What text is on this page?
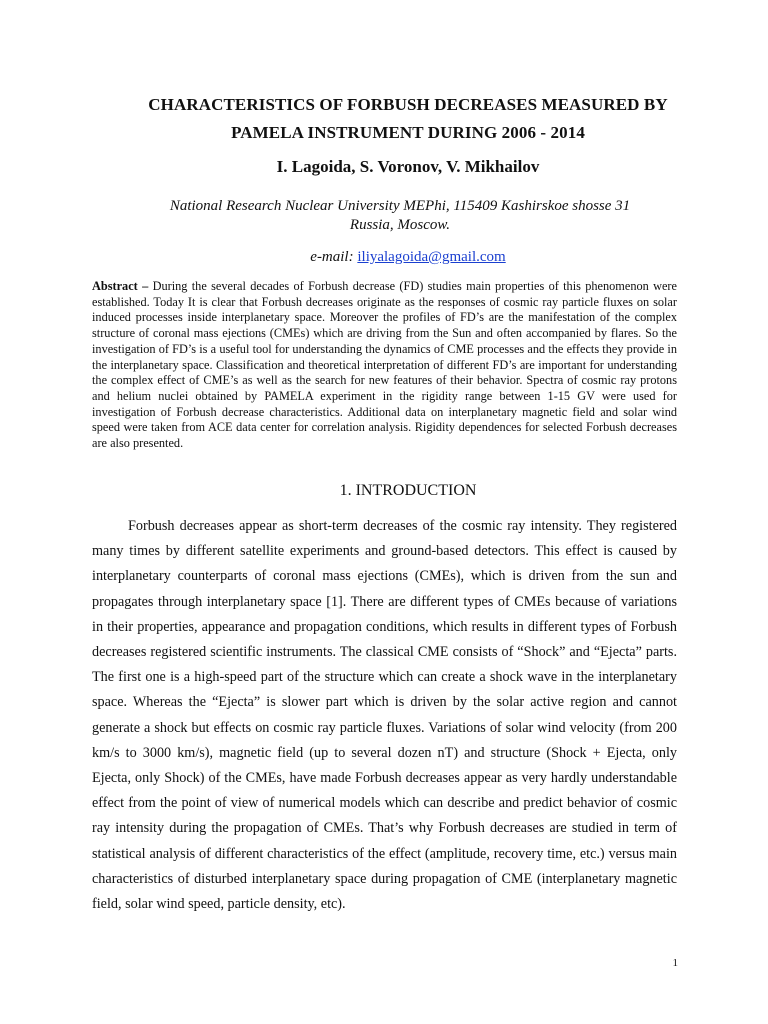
CHARACTERISTICS OF FORBUSH DECREASES MEASURED BY

PAMELA INSTRUMENT DURING 2006 - 2014

I. Lagoida, S. Voronov, V. Mikhailov

National Research Nuclear University MEPhi, 115409 Kashirskoe shosse 31
Russia, Moscow.

e-mail: iliyalagoida@gmail.com

Abstract – During the several decades of Forbush decrease (FD) studies main properties of this phenomenon were established. Today It is clear that Forbush decreases originate as the responses of cosmic ray particle fluxes on solar induced processes inside interplanetary space. Moreover the profiles of FD’s are the manifestation of the complex structure of coronal mass ejections (CMEs) which are driving from the Sun and often accompanied by flares. So the investigation of FD’s is a useful tool for understanding the dynamics of CME processes and the effects they provide in the interplanetary space. Classification and theoretical interpretation of different FD’s are important for understanding the complex effect of CME’s as well as the search for new features of their behavior. Spectra of cosmic ray protons and helium nuclei obtained by PAMELA experiment in the rigidity range between 1-15 GV were used for investigation of Forbush decrease characteristics. Additional data on interplanetary magnetic field and solar wind speed were taken from ACE data center for correlation analysis. Rigidity dependences for selected Forbush decreases are also presented.

1. INTRODUCTION

Forbush decreases appear as short-term decreases of the cosmic ray intensity. They registered many times by different satellite experiments and ground-based detectors. This effect is caused by interplanetary counterparts of coronal mass ejections (CMEs), which is driven from the sun and propagates through interplanetary space [1]. There are different types of CMEs because of variations in their properties, appearance and propagation conditions, which results in different types of Forbush decreases registered scientific instruments. The classical CME consists of “Shock” and “Ejecta” parts. The first one is a high-speed part of the structure which can create a shock wave in the interplanetary space. Whereas the “Ejecta” is slower part which is driven by the solar active region and cannot generate a shock but effects on cosmic ray particle fluxes. Variations of solar wind velocity (from 200 km/s to 3000 km/s), magnetic field (up to several dozen nT) and structure (Shock + Ejecta, only Ejecta, only Shock) of the CMEs, have made Forbush decreases appear as very hardly understandable effect from the point of view of numerical models which can describe and predict behavior of cosmic ray intensity during the propagation of CMEs. That’s why Forbush decreases are studied in term of statistical analysis of different characteristics of the effect (amplitude, recovery time, etc.) versus main characteristics of disturbed interplanetary space during propagation of CME (interplanetary magnetic field, solar wind speed, particle density, etc).

1
